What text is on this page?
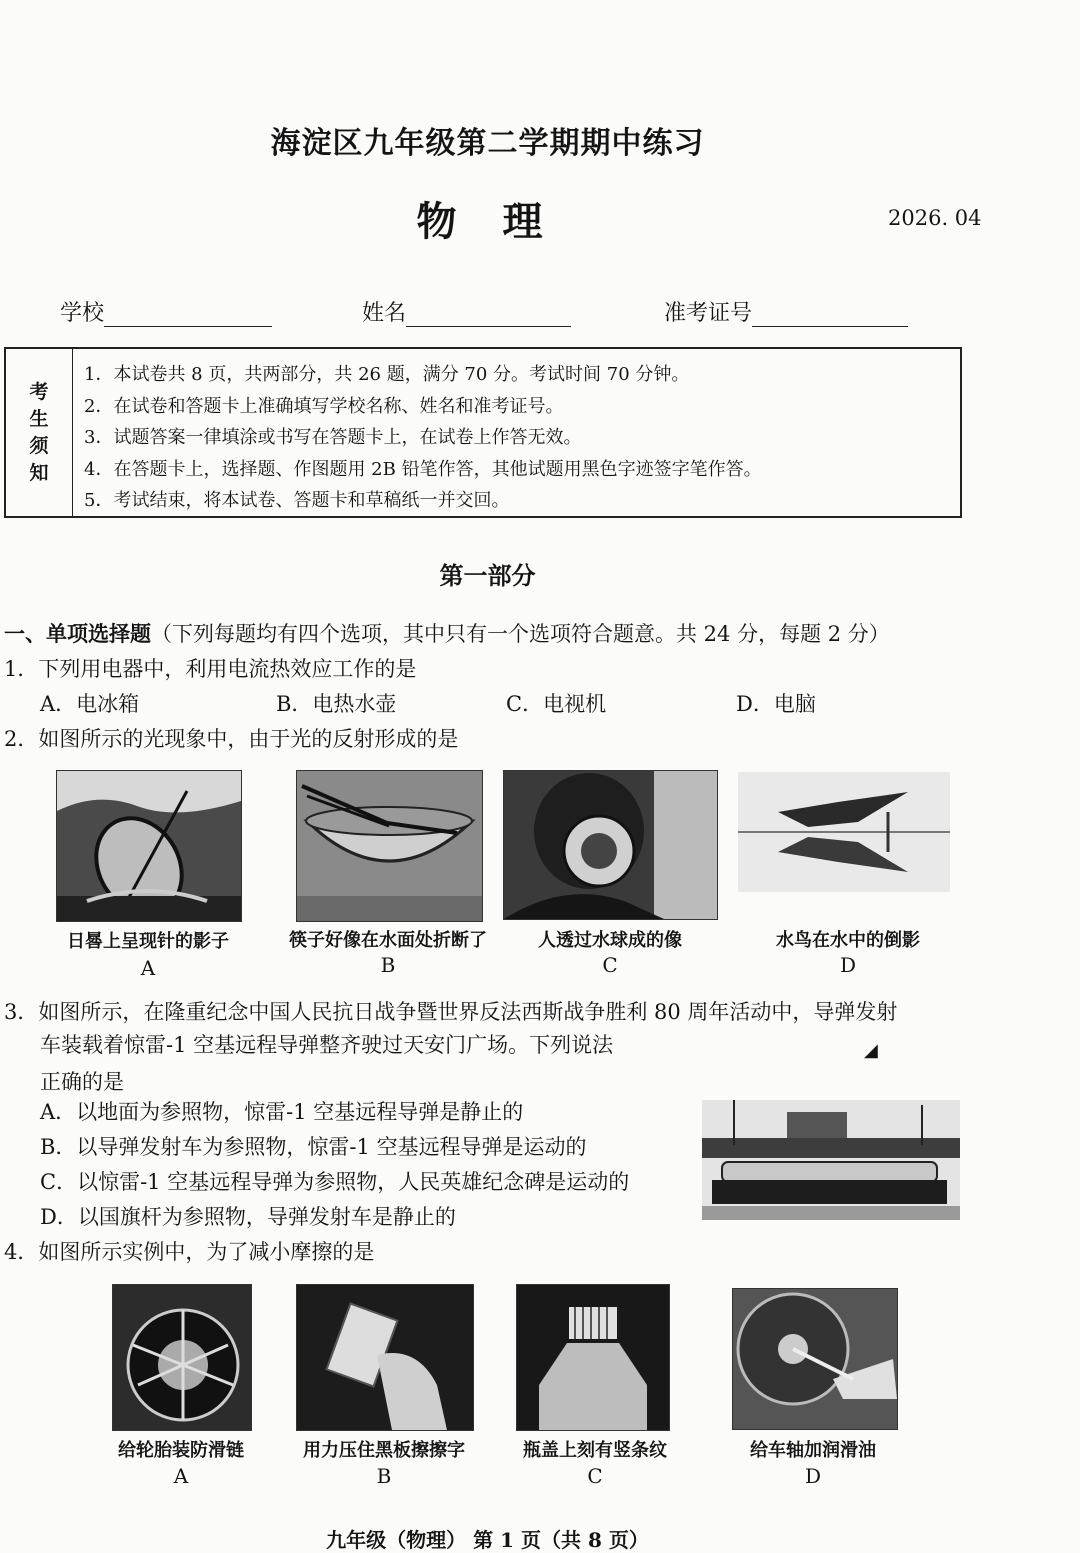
海淀区九年级第二学期期中练习
物 理	2026. 04
学校	姓名	准考证号
考
生
须
知
1．本试卷共 8 页，共两部分，共 26 题，满分 70 分。考试时间 70 分钟。
2．在试卷和答题卡上准确填写学校名称、姓名和准考证号。
3．试题答案一律填涂或书写在答题卡上，在试卷上作答无效。
4．在答题卡上，选择题、作图题用 2B 铅笔作答，其他试题用黑色字迹签字笔作答。
5．考试结束，将本试卷、答题卡和草稿纸一并交回。
第一部分
一、单项选择题（下列每题均有四个选项，其中只有一个选项符合题意。共 24 分，每题 2 分）
1．下列用电器中，利用电流热效应工作的是
A．电冰箱	B．电热水壶	C．电视机	D．电脑
2．如图所示的光现象中，由于光的反射形成的是
日晷上呈现针的影子
A
筷子好像在水面处折断了
B
人透过水球成的像
C
水鸟在水中的倒影
D
3．如图所示，在隆重纪念中国人民抗日战争暨世界反法西斯战争胜利 80 周年活动中，导弹发射
车装载着惊雷-1 空基远程导弹整齐驶过天安门广场。下列说法
正确的是
A．以地面为参照物，惊雷-1 空基远程导弹是静止的
B．以导弹发射车为参照物，惊雷-1 空基远程导弹是运动的
C．以惊雷-1 空基远程导弹为参照物，人民英雄纪念碑是运动的
D．以国旗杆为参照物，导弹发射车是静止的
◢
4．如图所示实例中，为了减小摩擦的是
给轮胎装防滑链
A
用力压住黑板擦擦字
B
瓶盖上刻有竖条纹
C
给车轴加润滑油
D
九年级（物理） 第 1 页（共 8 页）
